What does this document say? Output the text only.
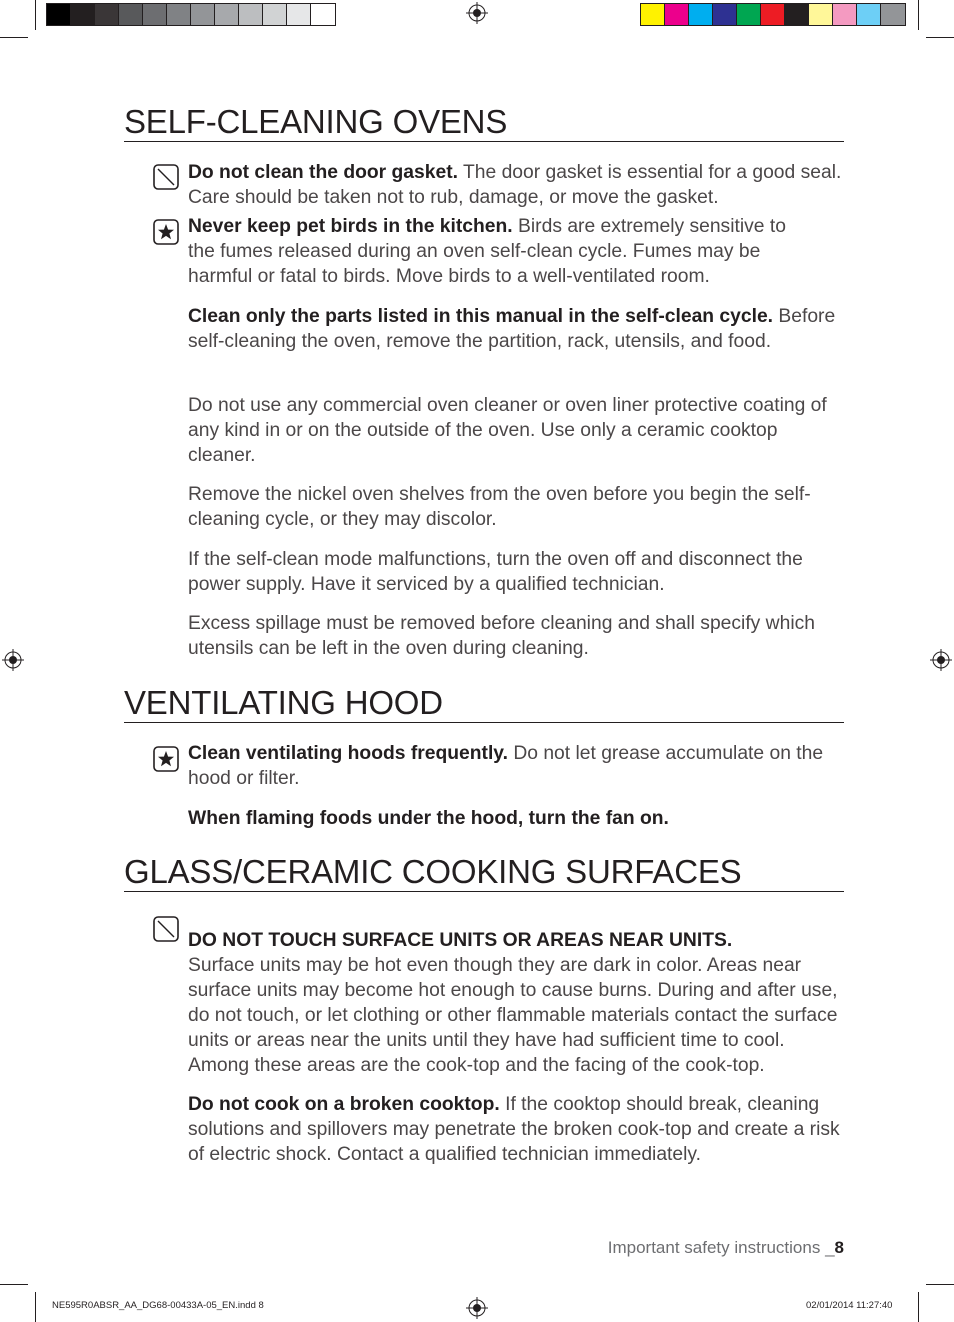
SELF-CLEANING OVENS

Do not clean the door gasket. The door gasket is essential for a good seal. Care should be taken not to rub, damage, or move the gasket.

Never keep pet birds in the kitchen. Birds are extremely sensitive to the fumes released during an oven self-clean cycle. Fumes may be harmful or fatal to birds. Move birds to a well-ventilated room.

Clean only the parts listed in this manual in the self-clean cycle. Before self-cleaning the oven, remove the partition, rack, utensils, and food.

Do not use any commercial oven cleaner or oven liner protective coating of any kind in or on the outside of the oven. Use only a ceramic cooktop cleaner.

Remove the nickel oven shelves from the oven before you begin the self-cleaning cycle, or they may discolor.

If the self-clean mode malfunctions, turn the oven off and disconnect the power supply. Have it serviced by a qualified technician.

Excess spillage must be removed before cleaning and shall specify which utensils can be left in the oven during cleaning.

VENTILATING HOOD

Clean ventilating hoods frequently. Do not let grease accumulate on the hood or filter.

When flaming foods under the hood, turn the fan on.

GLASS/CERAMIC COOKING SURFACES

DO NOT TOUCH SURFACE UNITS OR AREAS NEAR UNITS.
Surface units may be hot even though they are dark in color. Areas near surface units may become hot enough to cause burns. During and after use, do not touch, or let clothing or other flammable materials contact the surface units or areas near the units until they have had sufficient time to cool. Among these areas are the cook-top and the facing of the cook-top.

Do not cook on a broken cooktop. If the cooktop should break, cleaning solutions and spillovers may penetrate the broken cook-top and create a risk of electric shock. Contact a qualified technician immediately.

Important safety instructions _8
NE595R0ABSR_AA_DG68-00433A-05_EN.indd 8	02/01/2014 11:27:40
